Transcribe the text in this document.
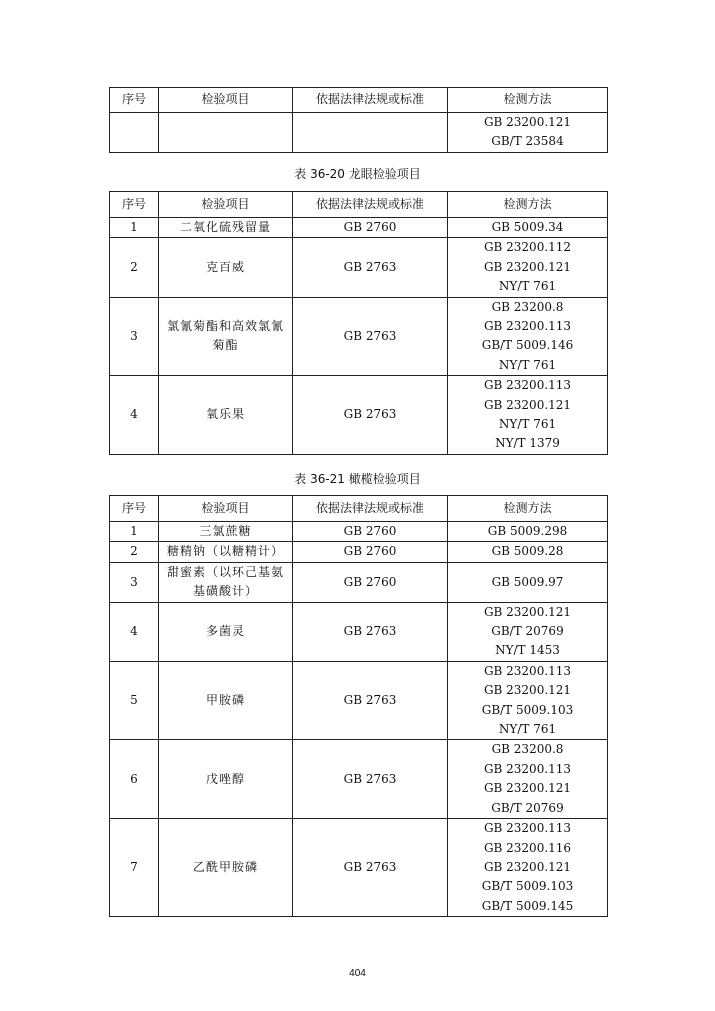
序号	检验项目	依据法律法规或标准	检测方法

			GB 23200.121
GB/T 23584
表 36-20 龙眼检验项目
序号	检验项目	依据法律法规或标准	检测方法
1	二氧化硫残留量	GB 2760	GB 5009.34

2	克百威	GB 2763	GB 23200.112
GB 23200.121
NY/T 761

3	氯氰菊酯和高效氯氰菊酯	GB 2763	GB 23200.8
GB 23200.113
GB/T 5009.146
NY/T 761

4	氧乐果	GB 2763	GB 23200.113
GB 23200.121
NY/T 761
NY/T 1379
表 36-21 橄榄检验项目
序号	检验项目	依据法律法规或标准	检测方法
1	三氯蔗糖	GB 2760	GB 5009.298

2	糖精钠（以糖精计）	GB 2760	GB 5009.28

3	甜蜜素（以环己基氨基磺酸计）	GB 2760	GB 5009.97

4	多菌灵	GB 2763	GB 23200.121
GB/T 20769
NY/T 1453

5	甲胺磷	GB 2763	GB 23200.113
GB 23200.121
GB/T 5009.103
NY/T 761

6	戊唑醇	GB 2763	GB 23200.8
GB 23200.113
GB 23200.121
GB/T 20769

7	乙酰甲胺磷	GB 2763	GB 23200.113
GB 23200.116
GB 23200.121
GB/T 5009.103
GB/T 5009.145
404
